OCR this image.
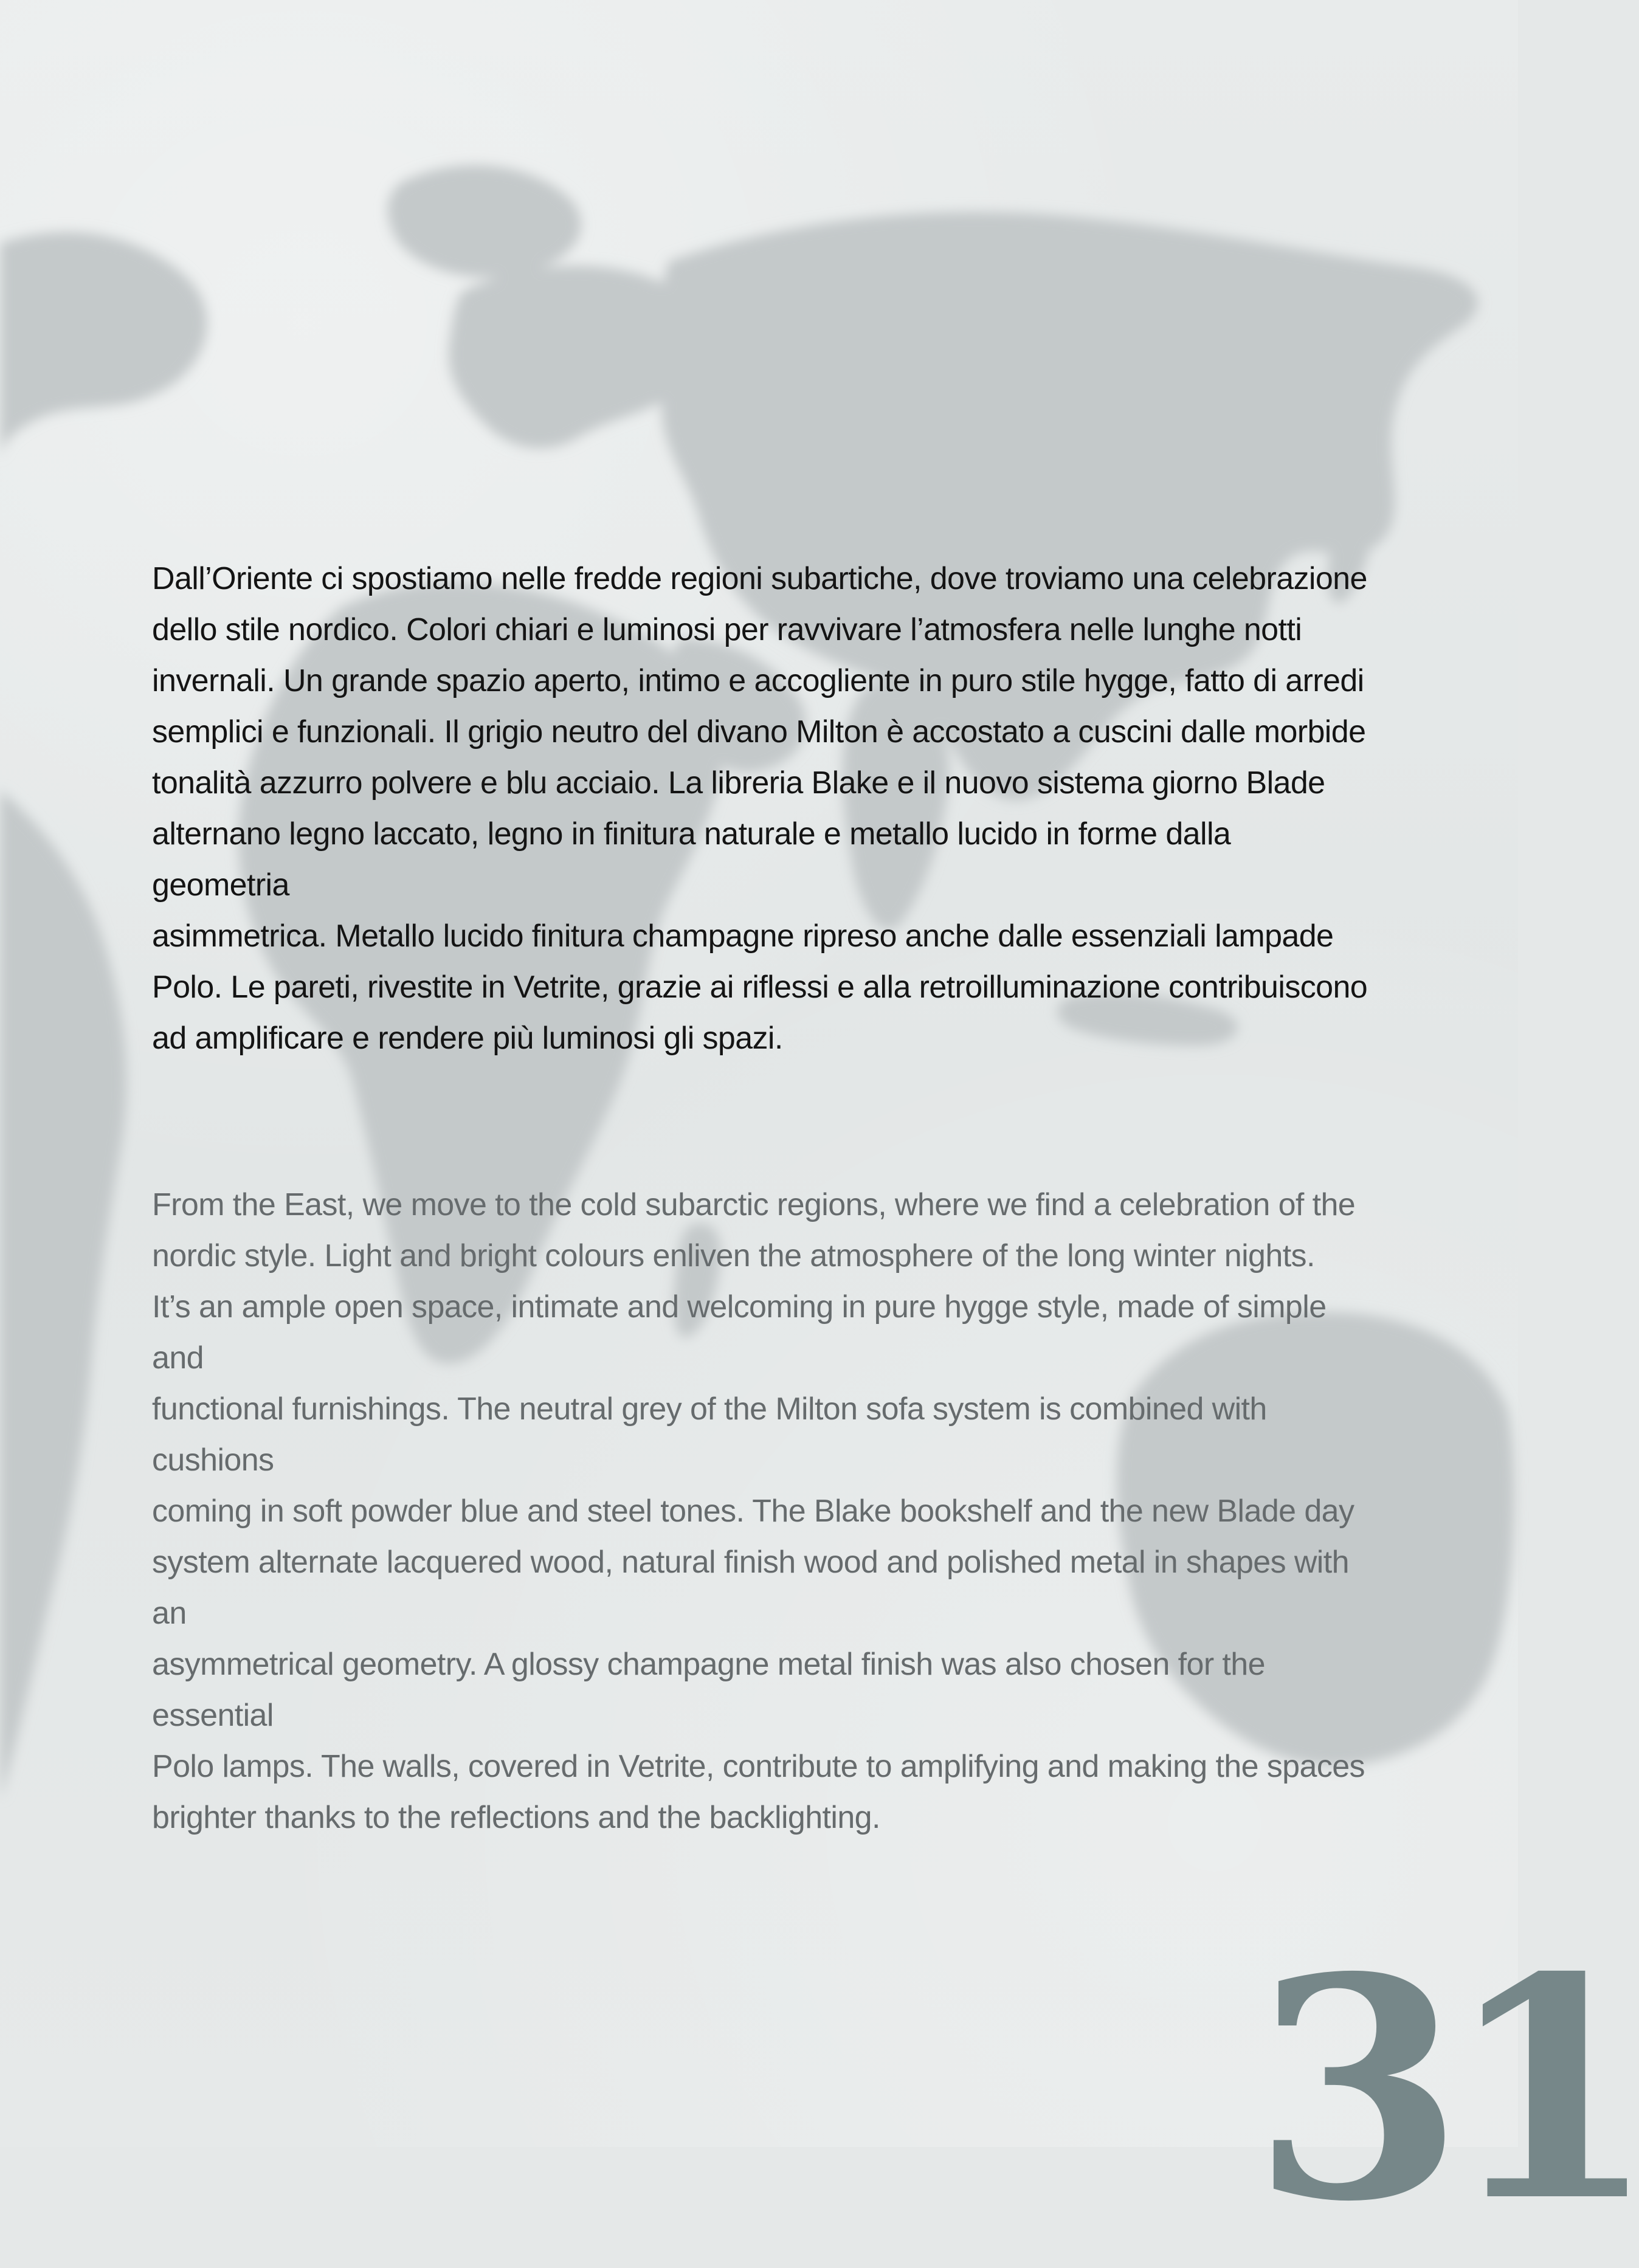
Dall’Oriente ci spostiamo nelle fredde regioni subartiche, dove troviamo una celebrazione
dello stile nordico. Colori chiari e luminosi per ravvivare l’atmosfera nelle lunghe notti
invernali. Un grande spazio aperto, intimo e accogliente in puro stile hygge, fatto di arredi
semplici e funzionali. Il grigio neutro del divano Milton è accostato a cuscini dalle morbide
tonalità azzurro polvere e blu acciaio. La libreria Blake e il nuovo sistema giorno Blade
alternano legno laccato, legno in finitura naturale e metallo lucido in forme dalla geometria
asimmetrica. Metallo lucido finitura champagne ripreso anche dalle essenziali lampade
Polo. Le pareti, rivestite in Vetrite, grazie ai riflessi e alla retroilluminazione contribuiscono
ad amplificare e rendere più luminosi gli spazi.

From the East, we move to the cold subarctic regions, where we find a celebration of the
nordic style. Light and bright colours enliven the atmosphere of the long winter nights.
It’s an ample open space, intimate and welcoming in pure hygge style, made of simple and
functional furnishings. The neutral grey of the Milton sofa system is combined with cushions
coming in soft powder blue and steel tones. The Blake bookshelf and the new Blade day
system alternate lacquered wood, natural finish wood and polished metal in shapes with an
asymmetrical geometry. A glossy champagne metal finish was also chosen for the essential
Polo lamps. The walls, covered in Vetrite, contribute to amplifying and making the spaces
brighter thanks to the reflections and the backlighting.

31
